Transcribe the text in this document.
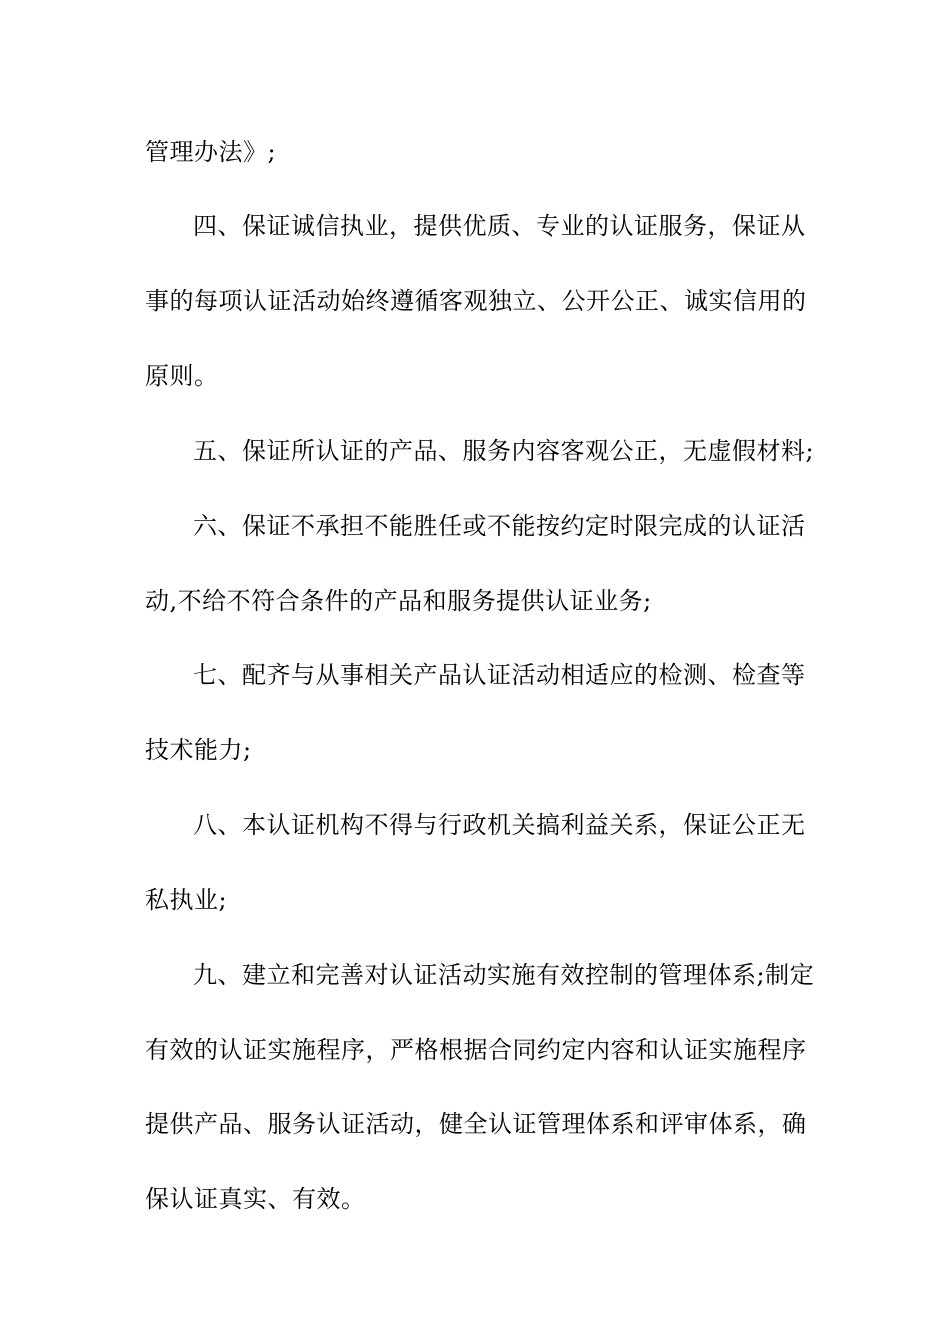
管理办法》;
四、保证诚信执业，提供优质、专业的认证服务，保证从
事的每项认证活动始终遵循客观独立、公开公正、诚实信用的
原则。
五、保证所认证的产品、服务内容客观公正，无虚假材料;
六、保证不承担不能胜任或不能按约定时限完成的认证活
动,不给不符合条件的产品和服务提供认证业务;
七、配齐与从事相关产品认证活动相适应的检测、检查等
技术能力;
八、本认证机构不得与行政机关搞利益关系，保证公正无
私执业;
九、建立和完善对认证活动实施有效控制的管理体系;制定
有效的认证实施程序，严格根据合同约定内容和认证实施程序
提供产品、服务认证活动，健全认证管理体系和评审体系，确
保认证真实、有效。
